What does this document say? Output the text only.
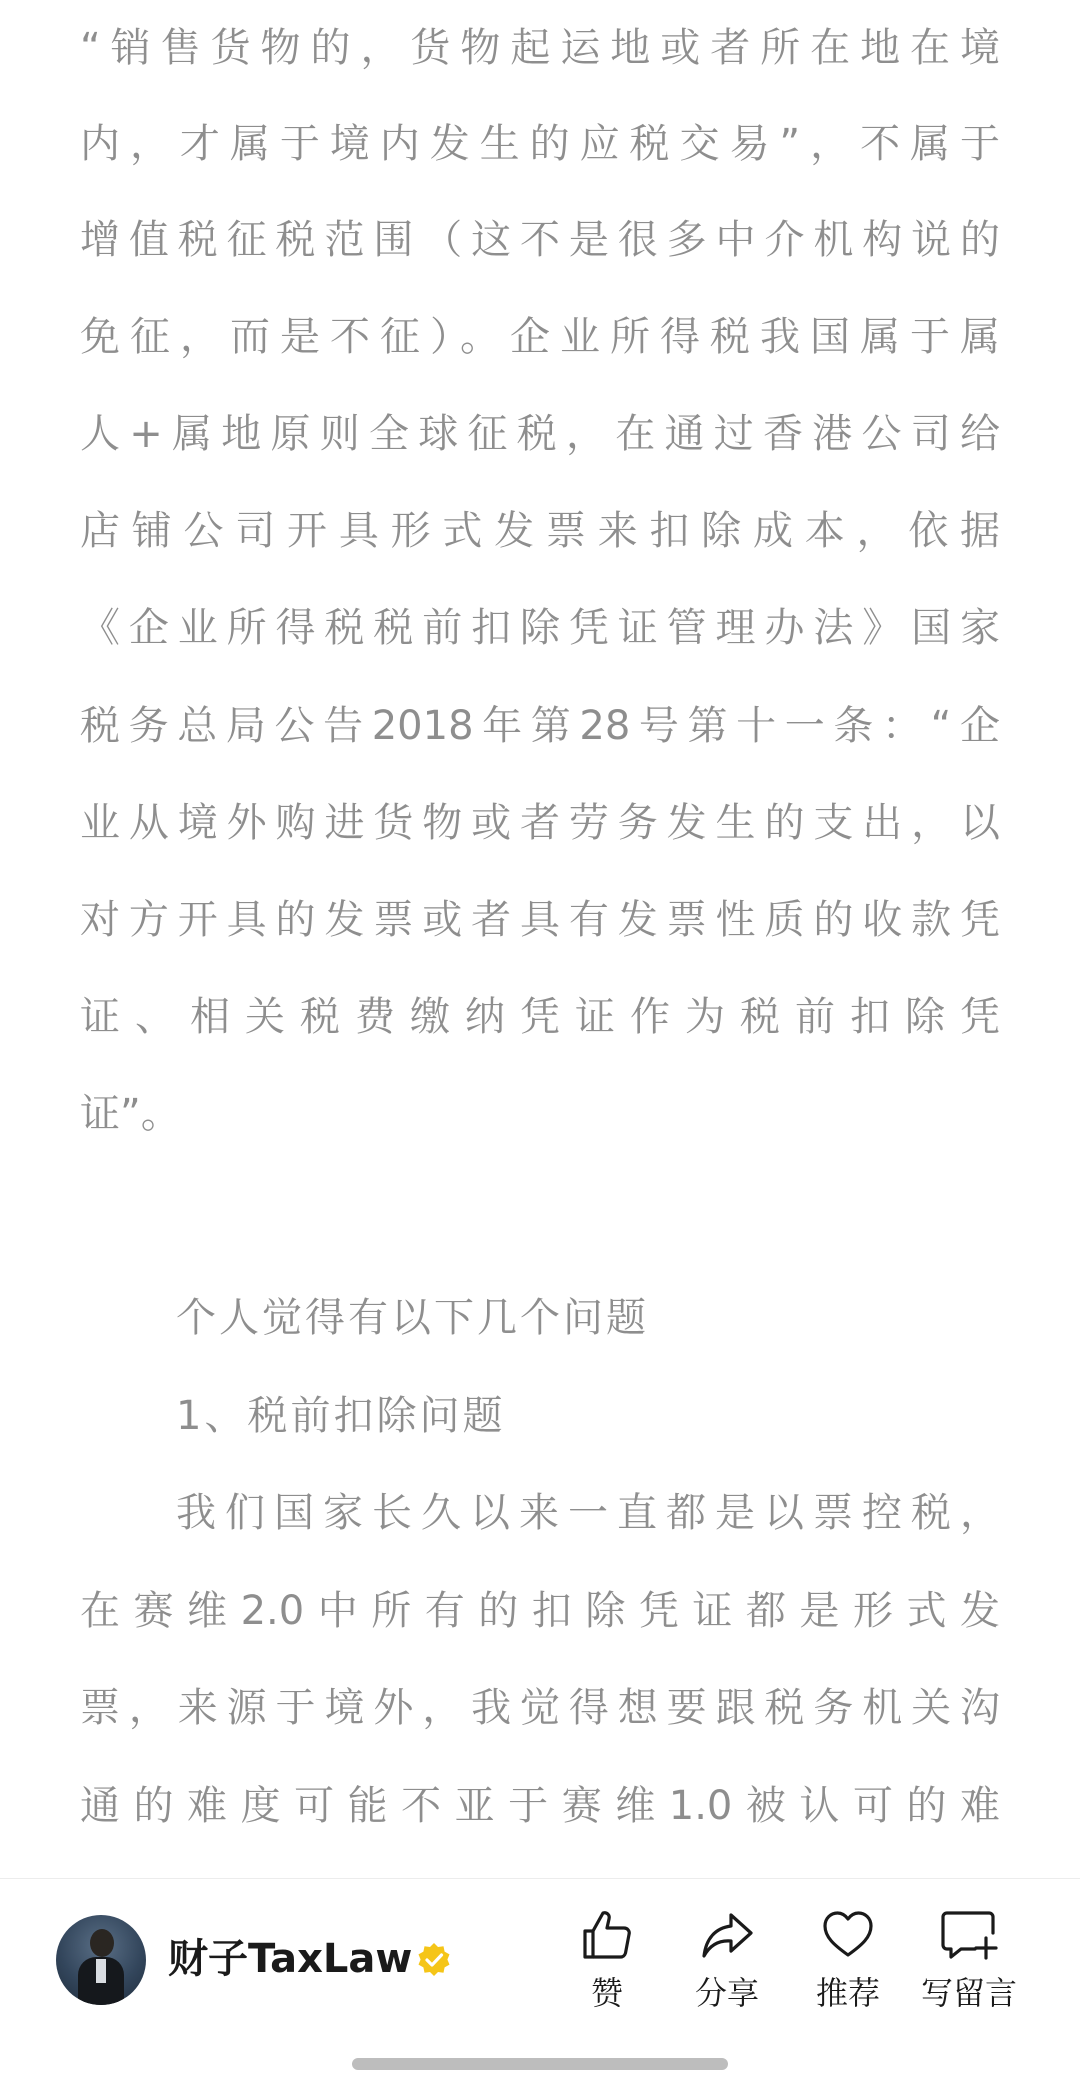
“销售货物的，货物起运地或者所在地在境
内，才属于境内发生的应税交易”，不属于
增值税征税范围（这不是很多中介机构说的
免征，而是不征）。企业所得税我国属于属
人+属地原则全球征税，在通过香港公司给
店铺公司开具形式发票来扣除成本，依据
《企业所得税税前扣除凭证管理办法》国家
税务总局公告2018年第28号第十一条：“企
业从境外购进货物或者劳务发生的支出，以
对方开具的发票或者具有发票性质的收款凭
证、相关税费缴纳凭证作为税前扣除凭
证”。
个人觉得有以下几个问题
1、税前扣除问题
我们国家长久以来一直都是以票控税，
在赛维2.0中所有的扣除凭证都是形式发
票，来源于境外，我觉得想要跟税务机关沟
通的难度可能不亚于赛维1.0被认可的难
财子TaxLaw
赞	分享	推荐	写留言
